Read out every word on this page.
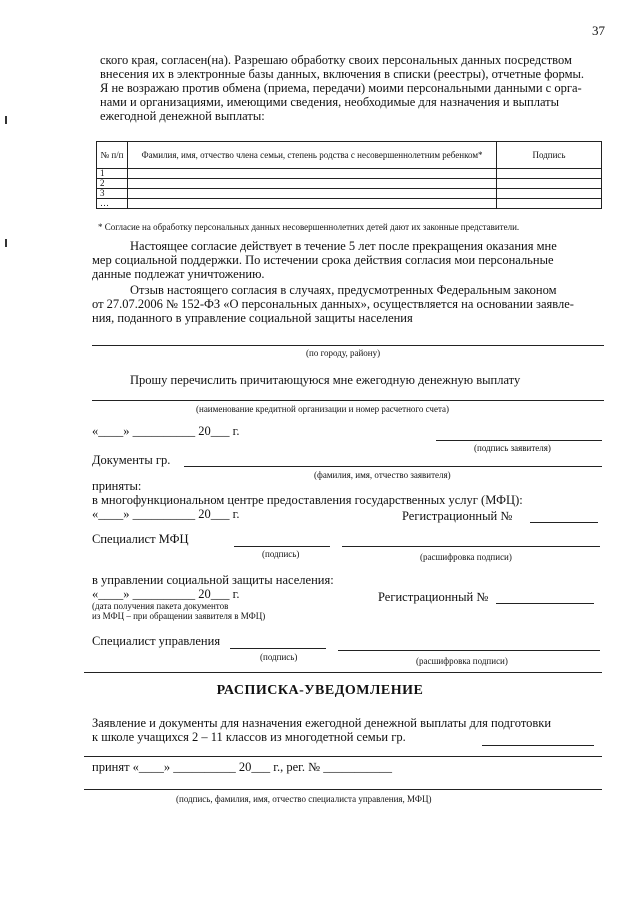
37
ского края, согласен(на). Разрешаю обработку своих персональных данных посредством
внесения их в электронные базы данных, включения в списки (реестры), отчетные формы.
Я не возражаю против обмена (приема, передачи) моими персональными данными с орга-
нами и организациями, имеющими сведения, необходимые для назначения и выплаты
ежегодной денежной выплаты:
№ п/п	Фамилия, имя, отчество члена семьи, степень родства с несовершеннолетним ребенком*	Подпись
1		
2		
3		
…		
* Согласие на обработку персональных данных несовершеннолетних детей дают их законные представители.
Настоящее согласие действует в течение 5 лет после прекращения оказания мне
мер социальной поддержки. По истечении срока действия согласия мои персональные
данные подлежат уничтожению.
Отзыв настоящего согласия в случаях, предусмотренных Федеральным законом
от 27.07.2006 № 152-ФЗ «О персональных данных», осуществляется на основании заявле-
ния, поданного в управление социальной защиты населения
(по городу, району)
Прошу перечислить причитающуюся мне ежегодную денежную выплату
(наименование кредитной организации и номер расчетного счета)
«____» __________ 20___ г.
(подпись заявителя)
Документы гр.
(фамилия, имя, отчество заявителя)
приняты:
в многофункциональном центре предоставления государственных услуг (МФЦ):
«____» __________ 20___ г.	Регистрационный №
Специалист МФЦ
(подпись)	(расшифровка подписи)
в управлении социальной защиты населения:
«____» __________ 20___ г.	Регистрационный №
(дата получения пакета документов
из МФЦ – при обращении заявителя в МФЦ)
Специалист управления
(подпись)	(расшифровка подписи)
РАСПИСКА-УВЕДОМЛЕНИЕ
Заявление и документы для назначения ежегодной денежной выплаты для подготовки
к школе учащихся 2 – 11 классов из многодетной семьи гр.
принят «____» __________ 20___ г., рег. № ___________
(подпись, фамилия, имя, отчество специалиста управления, МФЦ)
